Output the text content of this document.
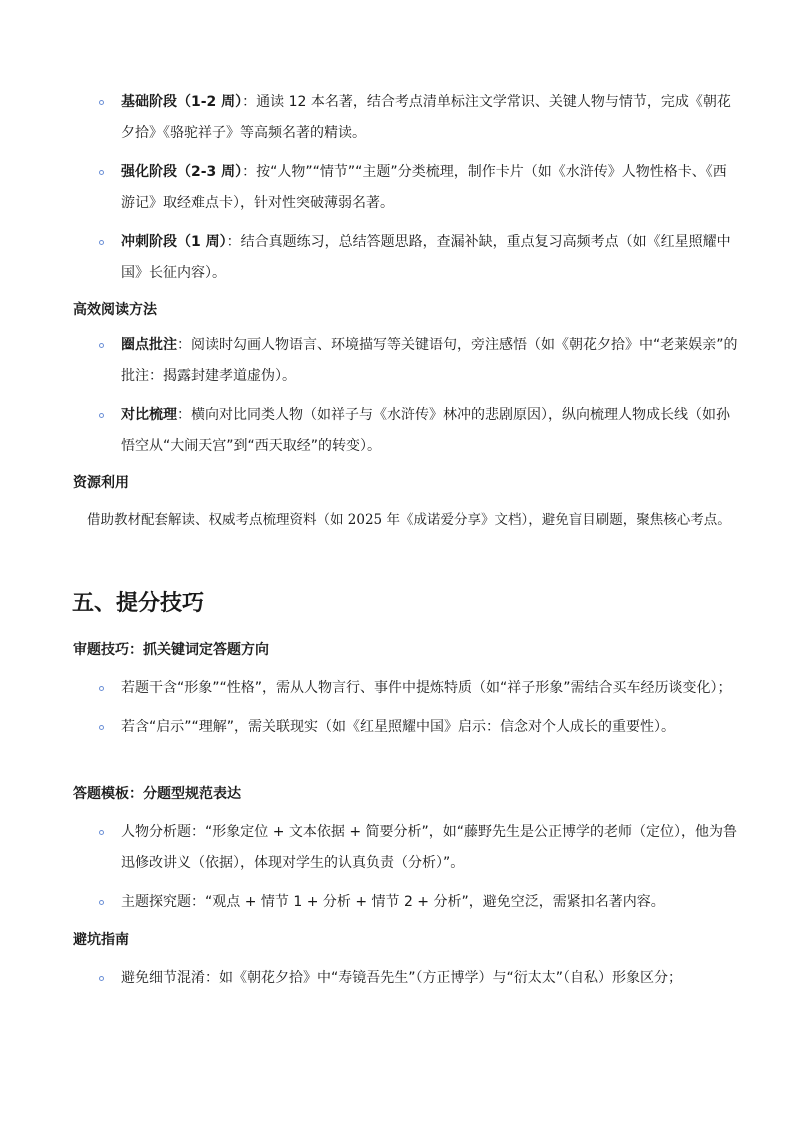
基础阶段（1-2 周）：通读 12 本名著，结合考点清单标注文学常识、关键人物与情节，完成《朝花夕拾》《骆驼祥子》等高频名著的精读。
强化阶段（2-3 周）：按“人物”“情节”“主题”分类梳理，制作卡片（如《水浒传》人物性格卡、《西游记》取经难点卡），针对性突破薄弱名著。
冲刺阶段（1 周）：结合真题练习，总结答题思路，查漏补缺，重点复习高频考点（如《红星照耀中国》长征内容）。
高效阅读方法
圈点批注：阅读时勾画人物语言、环境描写等关键语句，旁注感悟（如《朝花夕拾》中“老莱娱亲”的批注：揭露封建孝道虚伪）。
对比梳理：横向对比同类人物（如祥子与《水浒传》林冲的悲剧原因），纵向梳理人物成长线（如孙悟空从“大闹天宫”到“西天取经”的转变）。
资源利用
借助教材配套解读、权威考点梳理资料（如 2025 年《成诺爱分享》文档），避免盲目刷题，聚焦核心考点。
五、提分技巧
审题技巧：抓关键词定答题方向
若题干含“形象”“性格”，需从人物言行、事件中提炼特质（如“祥子形象”需结合买车经历谈变化）；
若含“启示”“理解”，需关联现实（如《红星照耀中国》启示：信念对个人成长的重要性）。
答题模板：分题型规范表达
人物分析题：“形象定位 + 文本依据 + 简要分析”，如“藤野先生是公正博学的老师（定位），他为鲁迅修改讲义（依据），体现对学生的认真负责（分析）”。
主题探究题：“观点 + 情节 1 + 分析 + 情节 2 + 分析”，避免空泛，需紧扣名著内容。
避坑指南
避免细节混淆：如《朝花夕拾》中“寿镜吾先生”（方正博学）与“衍太太”（自私）形象区分；
